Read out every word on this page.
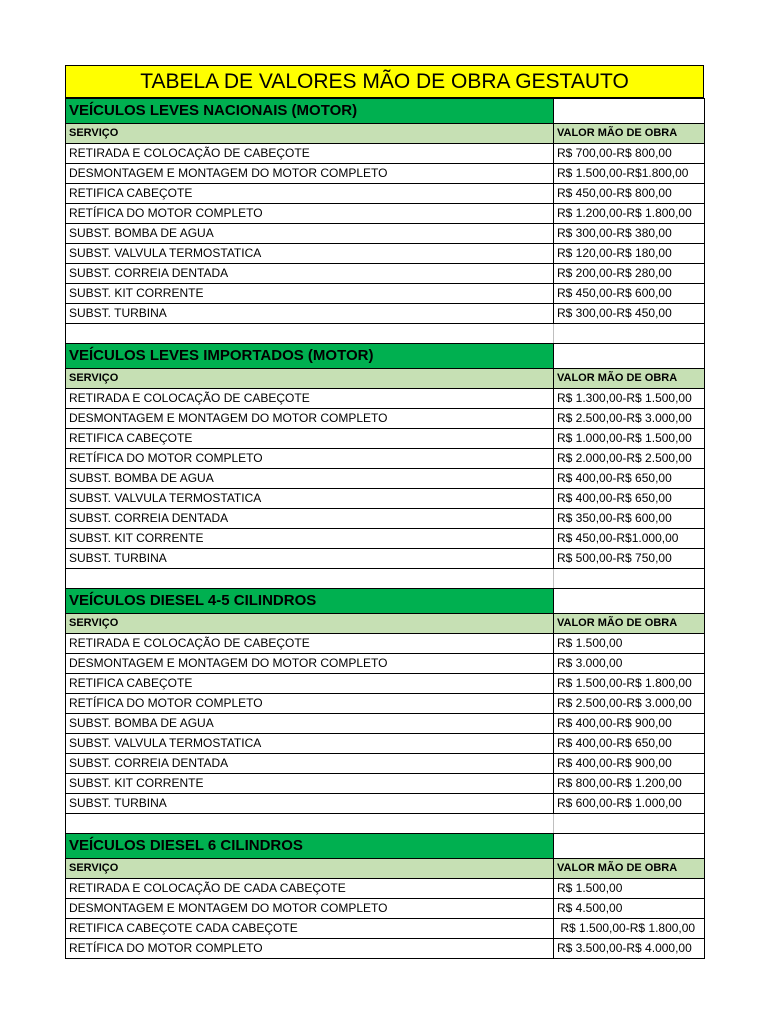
TABELA DE VALORES MÃO DE OBRA GESTAUTO
VEÍCULOS LEVES NACIONAIS (MOTOR)	
SERVIÇO	VALOR MÃO DE OBRA
RETIRADA E COLOCAÇÃO DE CABEÇOTE	R$ 700,00-R$ 800,00
DESMONTAGEM E MONTAGEM DO MOTOR COMPLETO	R$ 1.500,00-R$1.800,00
RETIFICA CABEÇOTE	R$ 450,00-R$ 800,00
RETÍFICA DO MOTOR COMPLETO	R$ 1.200,00-R$ 1.800,00
SUBST. BOMBA DE AGUA	R$ 300,00-R$ 380,00
SUBST. VALVULA TERMOSTATICA	R$ 120,00-R$ 180,00
SUBST. CORREIA DENTADA	R$ 200,00-R$ 280,00
SUBST. KIT CORRENTE	R$ 450,00-R$ 600,00
SUBST. TURBINA	R$ 300,00-R$ 450,00

VEÍCULOS LEVES IMPORTADOS (MOTOR)	
SERVIÇO	VALOR MÃO DE OBRA
RETIRADA E COLOCAÇÃO DE CABEÇOTE	R$ 1.300,00-R$ 1.500,00
DESMONTAGEM E MONTAGEM DO MOTOR COMPLETO	R$ 2.500,00-R$ 3.000,00
RETIFICA CABEÇOTE	R$ 1.000,00-R$ 1.500,00
RETÍFICA DO MOTOR COMPLETO	R$ 2.000,00-R$ 2.500,00
SUBST. BOMBA DE AGUA	R$ 400,00-R$ 650,00
SUBST. VALVULA TERMOSTATICA	R$ 400,00-R$ 650,00
SUBST. CORREIA DENTADA	R$ 350,00-R$ 600,00
SUBST. KIT CORRENTE	R$ 450,00-R$1.000,00
SUBST. TURBINA	R$ 500,00-R$ 750,00

VEÍCULOS DIESEL 4-5 CILINDROS	
SERVIÇO	VALOR MÃO DE OBRA
RETIRADA E COLOCAÇÃO DE CABEÇOTE	R$ 1.500,00
DESMONTAGEM E MONTAGEM DO MOTOR COMPLETO	R$ 3.000,00
RETIFICA CABEÇOTE	R$ 1.500,00-R$ 1.800,00
RETÍFICA DO MOTOR COMPLETO	R$ 2.500,00-R$ 3.000,00
SUBST. BOMBA DE AGUA	R$ 400,00-R$ 900,00
SUBST. VALVULA TERMOSTATICA	R$ 400,00-R$ 650,00
SUBST. CORREIA DENTADA	R$ 400,00-R$ 900,00
SUBST. KIT CORRENTE	R$ 800,00-R$ 1.200,00
SUBST. TURBINA	R$ 600,00-R$ 1.000,00

VEÍCULOS DIESEL 6 CILINDROS	
SERVIÇO	VALOR MÃO DE OBRA
RETIRADA E COLOCAÇÃO DE CADA CABEÇOTE	R$ 1.500,00
DESMONTAGEM E MONTAGEM DO MOTOR COMPLETO	R$ 4.500,00
RETIFICA CABEÇOTE CADA CABEÇOTE	R$ 1.500,00-R$ 1.800,00
RETÍFICA DO MOTOR COMPLETO	R$ 3.500,00-R$ 4.000,00
